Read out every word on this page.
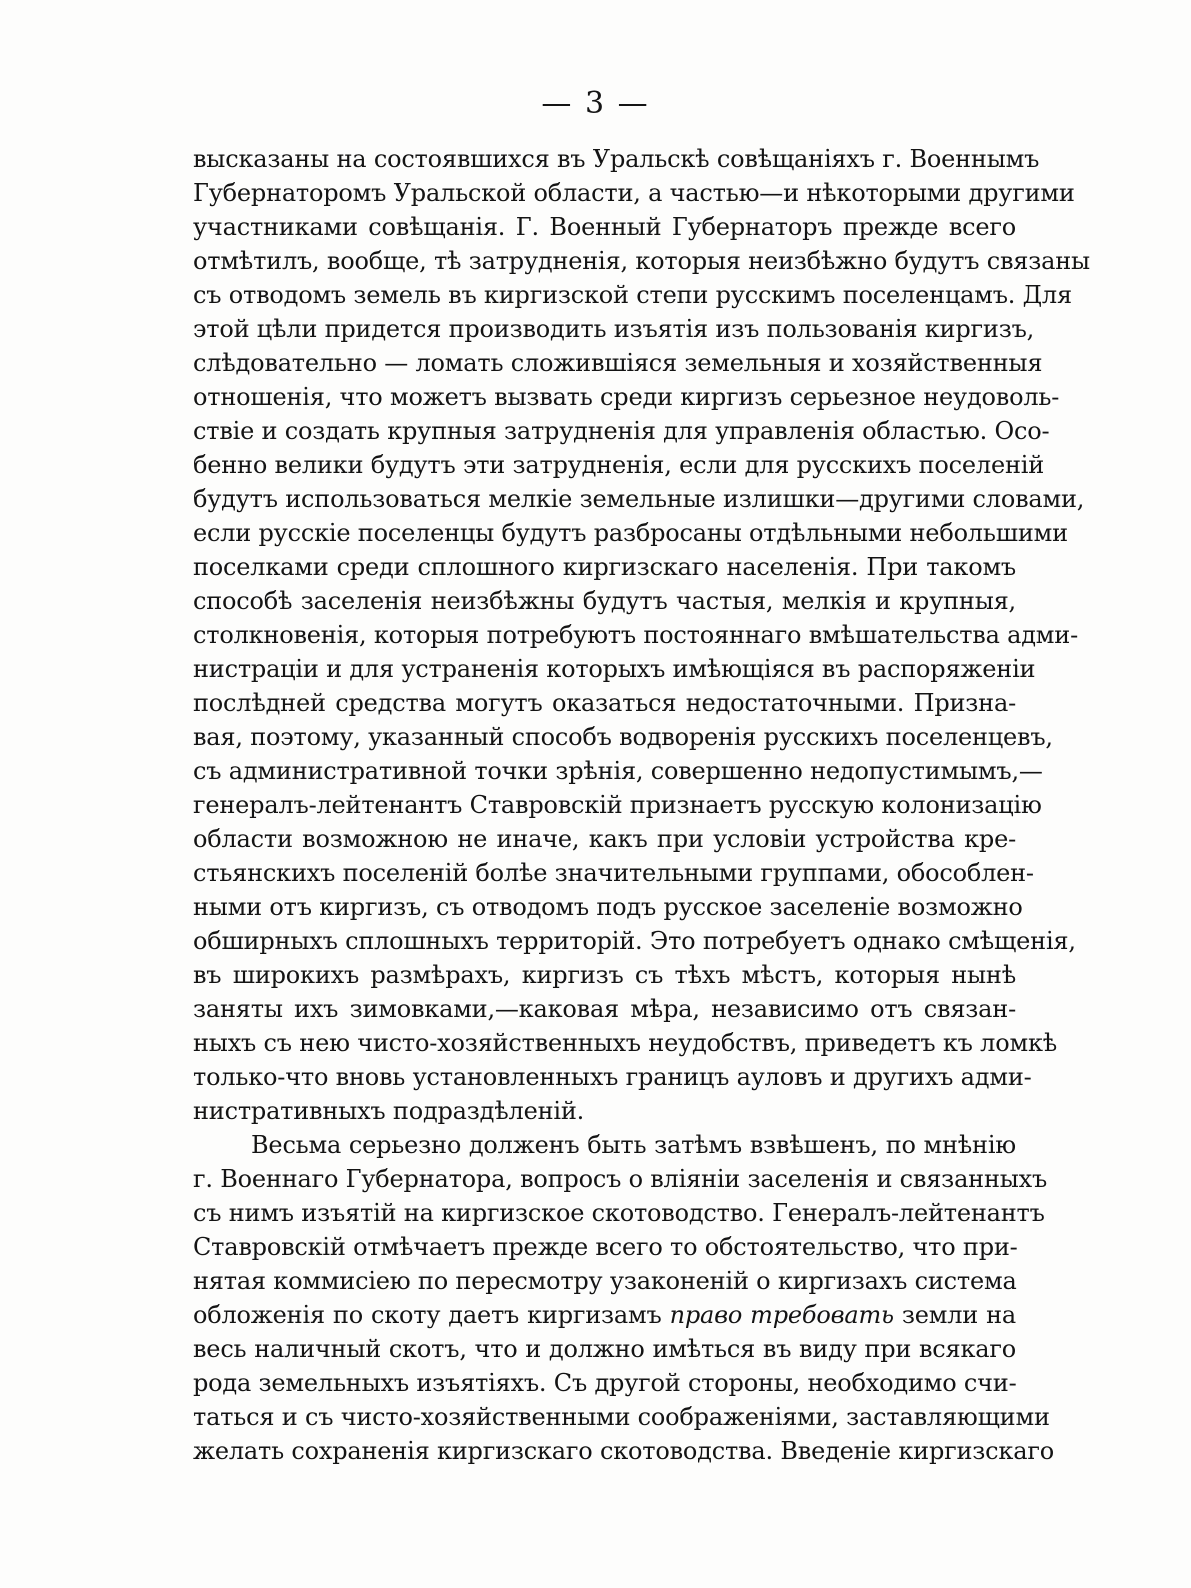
— 3 —
высказаны на состоявшихся въ Уральскѣ совѣщаніяхъ г. Военнымъ
Губернаторомъ Уральской области, а частью—и нѣкоторыми другими
участниками совѣщанія. Г. Военный Губернаторъ прежде всего
отмѣтилъ, вообще, тѣ затрудненія, которыя неизбѣжно будутъ связаны
съ отводомъ земель въ киргизской степи русскимъ поселенцамъ. Для
этой цѣли придется производить изъятія изъ пользованія киргизъ,
слѣдовательно — ломать сложившіяся земельныя и хозяйственныя
отношенія, что можетъ вызвать среди киргизъ серьезное неудоволь-
ствіе и создать крупныя затрудненія для управленія областью. Осо-
бенно велики будутъ эти затрудненія, если для русскихъ поселеній
будутъ использоваться мелкіе земельные излишки—другими словами,
если русскіе поселенцы будутъ разбросаны отдѣльными небольшими
поселками среди сплошного киргизскаго населенія. При такомъ
способѣ заселенія неизбѣжны будутъ частыя, мелкія и крупныя,
столкновенія, которыя потребуютъ постояннаго вмѣшательства адми-
нистраціи и для устраненія которыхъ имѣющіяся въ распоряженіи
послѣдней средства могутъ оказаться недостаточными. Призна-
вая, поэтому, указанный способъ водворенія русскихъ поселенцевъ,
съ административной точки зрѣнія, совершенно недопустимымъ,—
генералъ-лейтенантъ Ставровскій признаетъ русскую колонизацію
области возможною не иначе, какъ при условіи устройства кре-
стьянскихъ поселеній болѣе значительными группами, обособлен-
ными отъ киргизъ, съ отводомъ подъ русское заселеніе возможно
обширныхъ сплошныхъ территорій. Это потребуетъ однако смѣщенія,
въ широкихъ размѣрахъ, киргизъ съ тѣхъ мѣстъ, которыя нынѣ
заняты ихъ зимовками,—каковая мѣра, независимо отъ связан-
ныхъ съ нею чисто-хозяйственныхъ неудобствъ, приведетъ къ ломкѣ
только-что вновь установленныхъ границъ ауловъ и другихъ адми-
нистративныхъ подраздѣленій.
Весьма серьезно долженъ быть затѣмъ взвѣшенъ, по мнѣнію
г. Военнаго Губернатора, вопросъ о вліяніи заселенія и связанныхъ
съ нимъ изъятій на киргизское скотоводство. Генералъ-лейтенантъ
Ставровскій отмѣчаетъ прежде всего то обстоятельство, что при-
нятая коммисіею по пересмотру узаконеній о киргизахъ система
обложенія по скоту даетъ киргизамъ право требовать земли на
весь наличный скотъ, что и должно имѣться въ виду при всякаго
рода земельныхъ изъятіяхъ. Съ другой стороны, необходимо счи-
таться и съ чисто-хозяйственными соображеніями, заставляющими
желать сохраненія киргизскаго скотоводства. Введеніе киргизскаго
